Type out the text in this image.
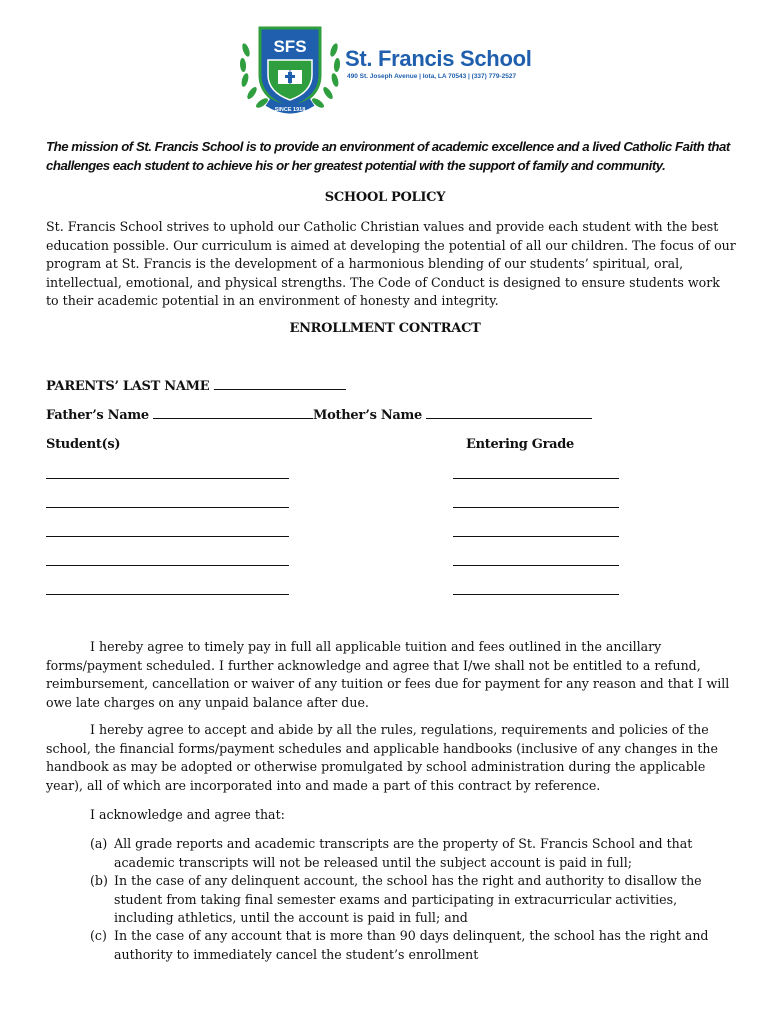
SFS
SINCE 1918
St. Francis School
490 St. Joseph Avenue | Iota, LA 70543 | (337) 779-2527
The mission of St. Francis School is to provide an environment of academic excellence and a lived Catholic Faith that challenges each student to achieve his or her greatest potential with the support of family and community.
SCHOOL POLICY
St. Francis School strives to uphold our Catholic Christian values and provide each student with the best education possible. Our curriculum is aimed at developing the potential of all our children. The focus of our program at St. Francis is the development of a harmonious blending of our students’ spiritual, oral, intellectual, emotional, and physical strengths. The Code of Conduct is designed to ensure students work to their academic potential in an environment of honesty and integrity.
ENROLLMENT CONTRACT
PARENTS’ LAST NAME
Father’s Name	Mother’s Name
Student(s)	Entering Grade
I hereby agree to timely pay in full all applicable tuition and fees outlined in the ancillary forms/payment scheduled. I further acknowledge and agree that I/we shall not be entitled to a refund, reimbursement, cancellation or waiver of any tuition or fees due for payment for any reason and that I will owe late charges on any unpaid balance after due.
I hereby agree to accept and abide by all the rules, regulations, requirements and policies of the school, the financial forms/payment schedules and applicable handbooks (inclusive of any changes in the handbook as may be adopted or otherwise promulgated by school administration during the applicable year), all of which are incorporated into and made a part of this contract by reference.
I acknowledge and agree that:
(a) All grade reports and academic transcripts are the property of St. Francis School and that academic transcripts will not be released until the subject account is paid in full;
(b) In the case of any delinquent account, the school has the right and authority to disallow the student from taking final semester exams and participating in extracurricular activities, including athletics, until the account is paid in full; and
(c) In the case of any account that is more than 90 days delinquent, the school has the right and authority to immediately cancel the student’s enrollment
